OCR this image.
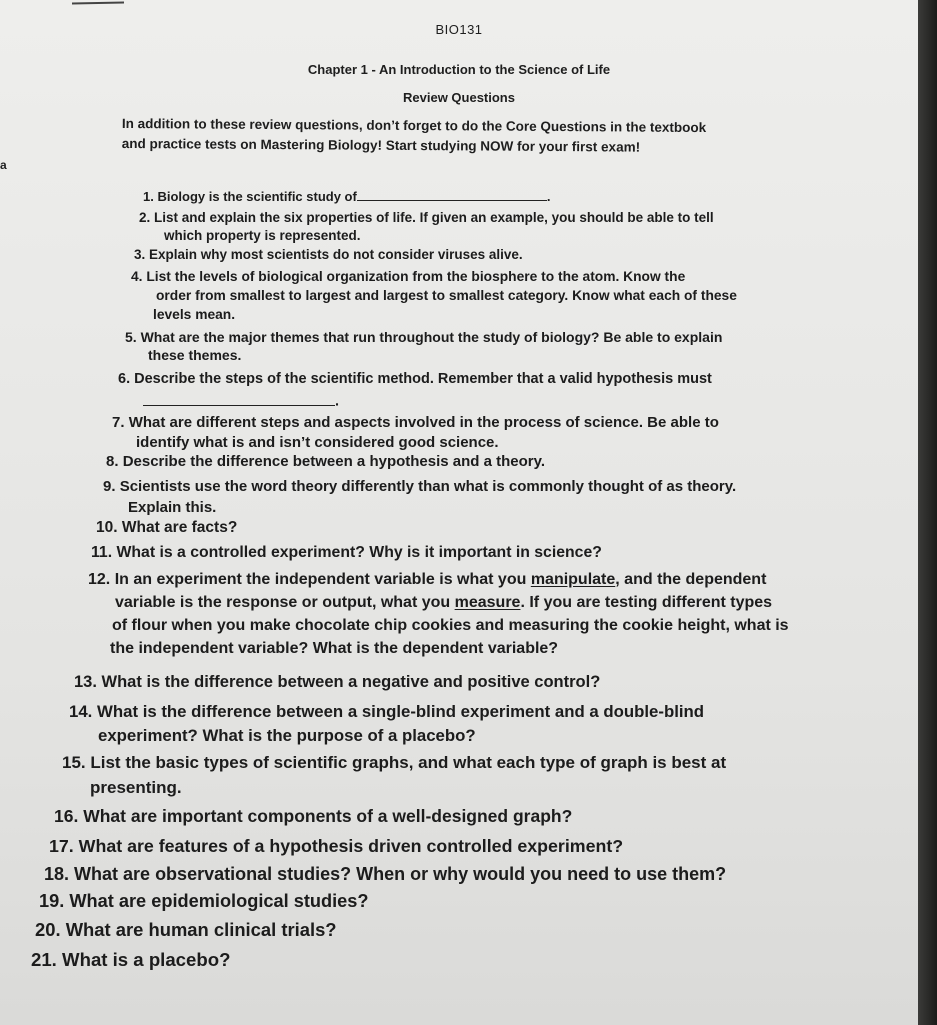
a
BIO131
Chapter 1 - An Introduction to the Science of Life
Review Questions
In addition to these review questions, don’t forget to do the Core Questions in the textbook
and practice tests on Mastering Biology! Start studying NOW for your first exam!
1. Biology is the scientific study of	.
2. List and explain the six properties of life. If given an example, you should be able to tell
which property is represented.
3. Explain why most scientists do not consider viruses alive.
4. List the levels of biological organization from the biosphere to the atom. Know the
order from smallest to largest and largest to smallest category. Know what each of these
levels mean.
5. What are the major themes that run throughout the study of biology? Be able to explain
these themes.
6. Describe the steps of the scientific method. Remember that a valid hypothesis must
.
7. What are different steps and aspects involved in the process of science. Be able to
identify what is and isn’t considered good science.
8. Describe the difference between a hypothesis and a theory.
9. Scientists use the word theory differently than what is commonly thought of as theory.
Explain this.
10. What are facts?
11. What is a controlled experiment? Why is it important in science?
12. In an experiment the independent variable is what you manipulate, and the dependent
variable is the response or output, what you measure. If you are testing different types
of flour when you make chocolate chip cookies and measuring the cookie height, what is
the independent variable? What is the dependent variable?
13. What is the difference between a negative and positive control?
14. What is the difference between a single-blind experiment and a double-blind
experiment? What is the purpose of a placebo?
15. List the basic types of scientific graphs, and what each type of graph is best at
presenting.
16. What are important components of a well-designed graph?
17. What are features of a hypothesis driven controlled experiment?
18. What are observational studies? When or why would you need to use them?
19. What are epidemiological studies?
20. What are human clinical trials?
21. What is a placebo?
